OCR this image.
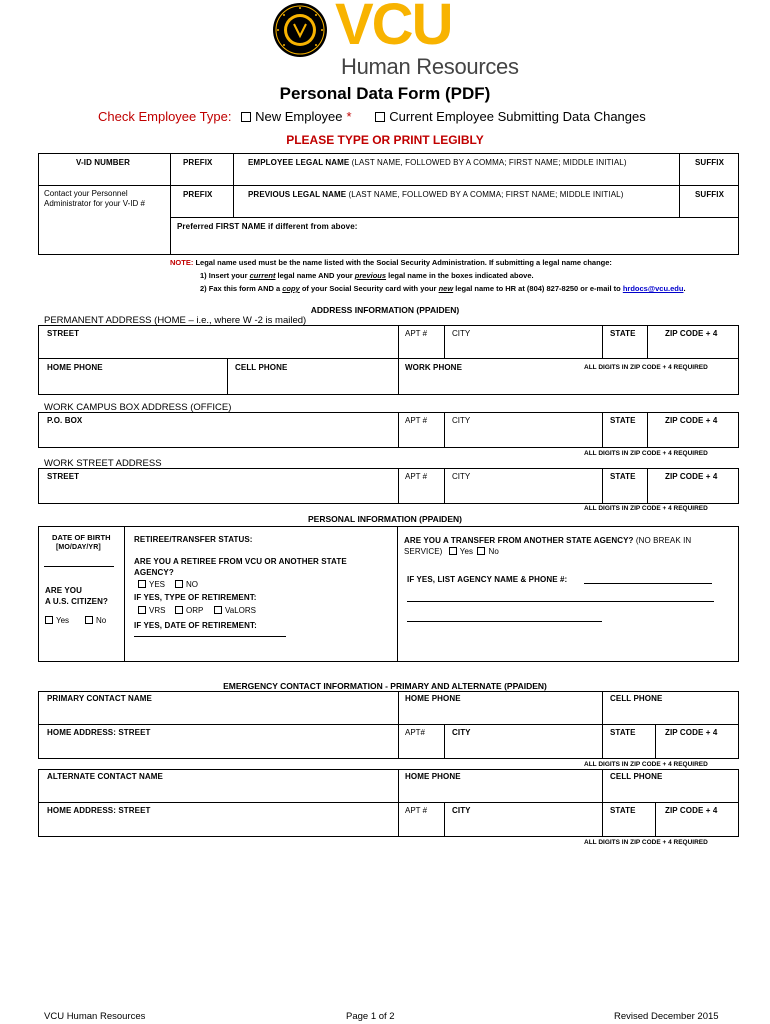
VCU
Human Resources
Personal Data Form (PDF)
Check Employee Type: New Employee *	Current Employee Submitting Data Changes
PLEASE TYPE OR PRINT LEGIBLY
V-ID NUMBER	PREFIX	EMPLOYEE LEGAL NAME (LAST NAME, FOLLOWED BY A COMMA; FIRST NAME; MIDDLE INITIAL)	SUFFIX
Contact your Personnel
Administrator for your V-ID #
PREFIX	PREVIOUS LEGAL NAME (LAST NAME, FOLLOWED BY A COMMA; FIRST NAME; MIDDLE INITIAL)	SUFFIX
Preferred FIRST NAME if different from above:
NOTE: Legal name used must be the name listed with the Social Security Administration. If submitting a legal name change:
1) Insert your current legal name AND your previous legal name in the boxes indicated above.
2) Fax this form AND a copy of your Social Security card with your new legal name to HR at (804) 827-8250 or e-mail to hrdocs@vcu.edu.
ADDRESS INFORMATION (PPAIDEN)
PERMANENT ADDRESS (HOME – i.e., where W -2 is mailed)
STREET	APT #	CITY	STATE	ZIP CODE + 4
HOME PHONE	CELL PHONE	WORK PHONE	ALL DIGITS IN ZIP CODE + 4 REQUIRED
WORK CAMPUS BOX ADDRESS (OFFICE)
P.O. BOX	APT #	CITY	STATE	ZIP CODE + 4
ALL DIGITS IN ZIP CODE + 4 REQUIRED
WORK STREET ADDRESS
STREET	APT #	CITY	STATE	ZIP CODE + 4
ALL DIGITS IN ZIP CODE + 4 REQUIRED
PERSONAL INFORMATION (PPAIDEN)
DATE OF BIRTH
[MO/DAY/YR]
ARE YOU
A U.S. CITIZEN?
Yes	No
RETIREE/TRANSFER STATUS:
ARE YOU A RETIREE FROM VCU OR ANOTHER STATE
AGENCY?
YES	NO
IF YES, TYPE OF RETIREMENT:
VRS	ORP	VaLORS
IF YES, DATE OF RETIREMENT:
ARE YOU A TRANSFER FROM ANOTHER STATE AGENCY? (NO BREAK IN
SERVICE) Yes No
IF YES, LIST AGENCY NAME & PHONE #:
EMERGENCY CONTACT INFORMATION - PRIMARY AND ALTERNATE (PPAIDEN)
PRIMARY CONTACT NAME	HOME PHONE	CELL PHONE
HOME ADDRESS: STREET	APT#	CITY	STATE	ZIP CODE + 4
ALL DIGITS IN ZIP CODE + 4 REQUIRED
ALTERNATE CONTACT NAME	HOME PHONE	CELL PHONE
HOME ADDRESS: STREET	APT #	CITY	STATE	ZIP CODE + 4
ALL DIGITS IN ZIP CODE + 4 REQUIRED
VCU Human Resources	Page 1 of 2	Revised December 2015
